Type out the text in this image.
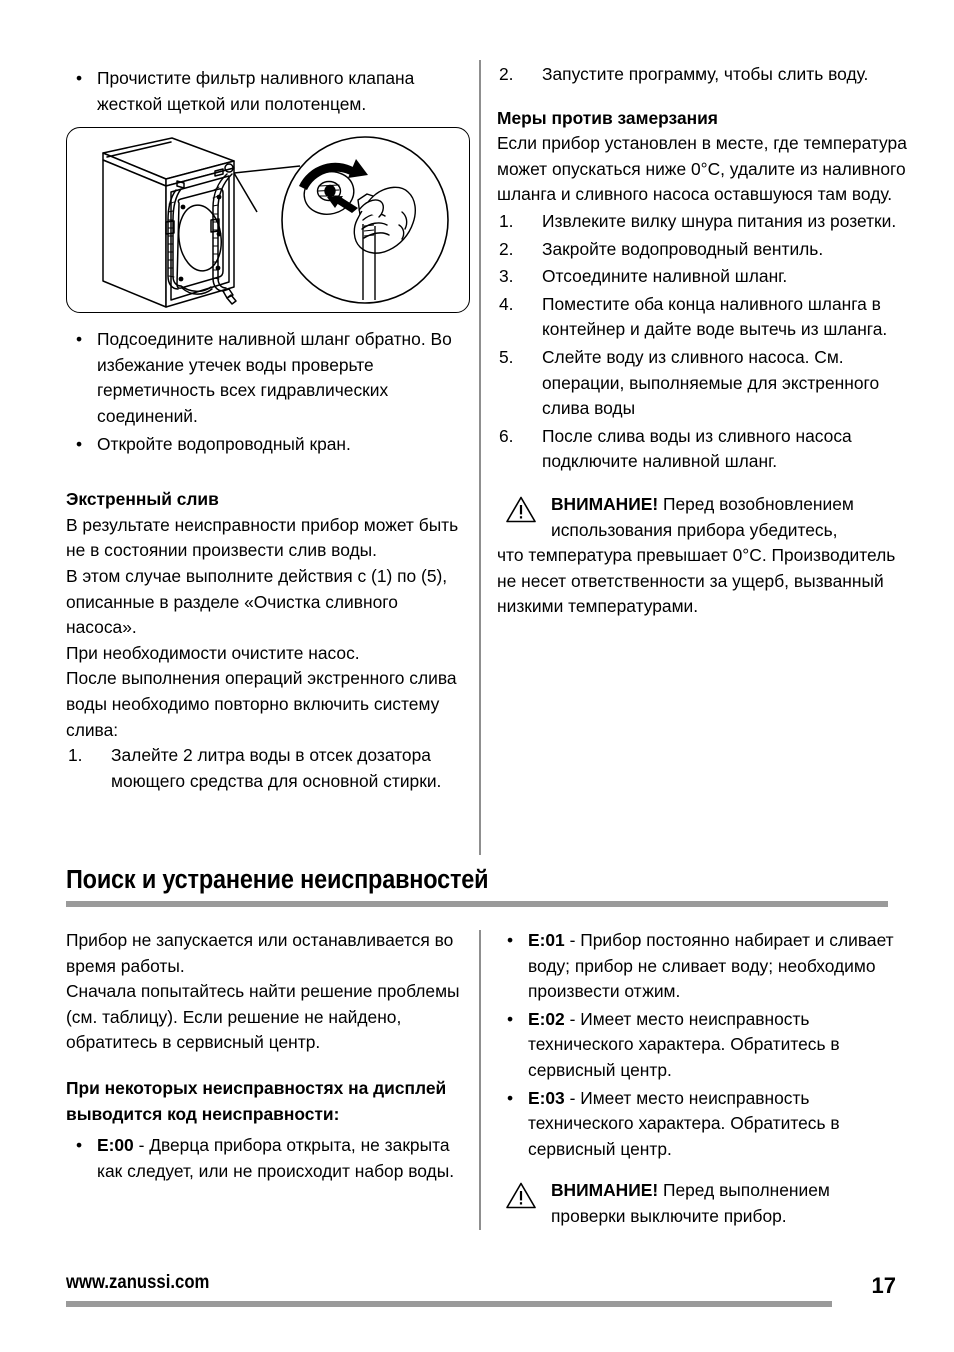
• Прочистите фильтр наливного клапана жесткой щеткой или полотенцем.
• Подсоедините наливной шланг обратно. Во избежание утечек воды проверьте герметичность всех гидравлических соединений.
• Откройте водопроводный кран.
Экстренный слив

В результате неисправности прибор может быть не в состоянии произвести слив воды.

В этом случае выполните действия с (1) по (5), описанные в разделе «Очистка сливного насоса».

При необходимости очистите насос.

После выполнения операций экстренного слива воды необходимо повторно включить систему слива:

1.	Залейте 2 литра воды в отсек дозатора моющего средства для основной стирки.
2.	Запустите программу, чтобы слить воду.
Меры против замерзания

Если прибор установлен в месте, где температура может опускаться ниже 0°C, удалите из наливного шланга и сливного насоса оставшуюся там воду.

1.	Извлеките вилку шнура питания из розетки.
2.	Закройте водопроводный вентиль.
3.	Отсоедините наливной шланг.
4.	Поместите оба конца наливного шланга в контейнер и дайте воде вытечь из шланга.
5.	Слейте воду из сливного насоса. См. операции, выполняемые для экстренного слива воды
6.	После слива воды из сливного насоса подключите наливной шланг.
ВНИМАНИЕ! Перед возобновлением использования прибора убедитесь,
что температура превышает 0°C. Производитель не несет ответственности за ущерб, вызванный низкими температурами.
Поиск и устранение неисправностей

Прибор не запускается или останавливается во время работы.

Сначала попытайтесь найти решение проблемы (см. таблицу). Если решение не найдено, обратитесь в сервисный центр.

При некоторых неисправностях на дисплей выводится код неисправности:

• E:00 - Дверца прибора открыта, не закрыта как следует, или не происходит набор воды.
• E:01 - Прибор постоянно набирает и сливает воду; прибор не сливает воду; необходимо произвести отжим.
• E:02 - Имеет место неисправность технического характера. Обратитесь в сервисный центр.
• E:03 - Имеет место неисправность технического характера. Обратитесь в сервисный центр.
ВНИМАНИЕ! Перед выполнением проверки выключите прибор.
www.zanussi.com	17
